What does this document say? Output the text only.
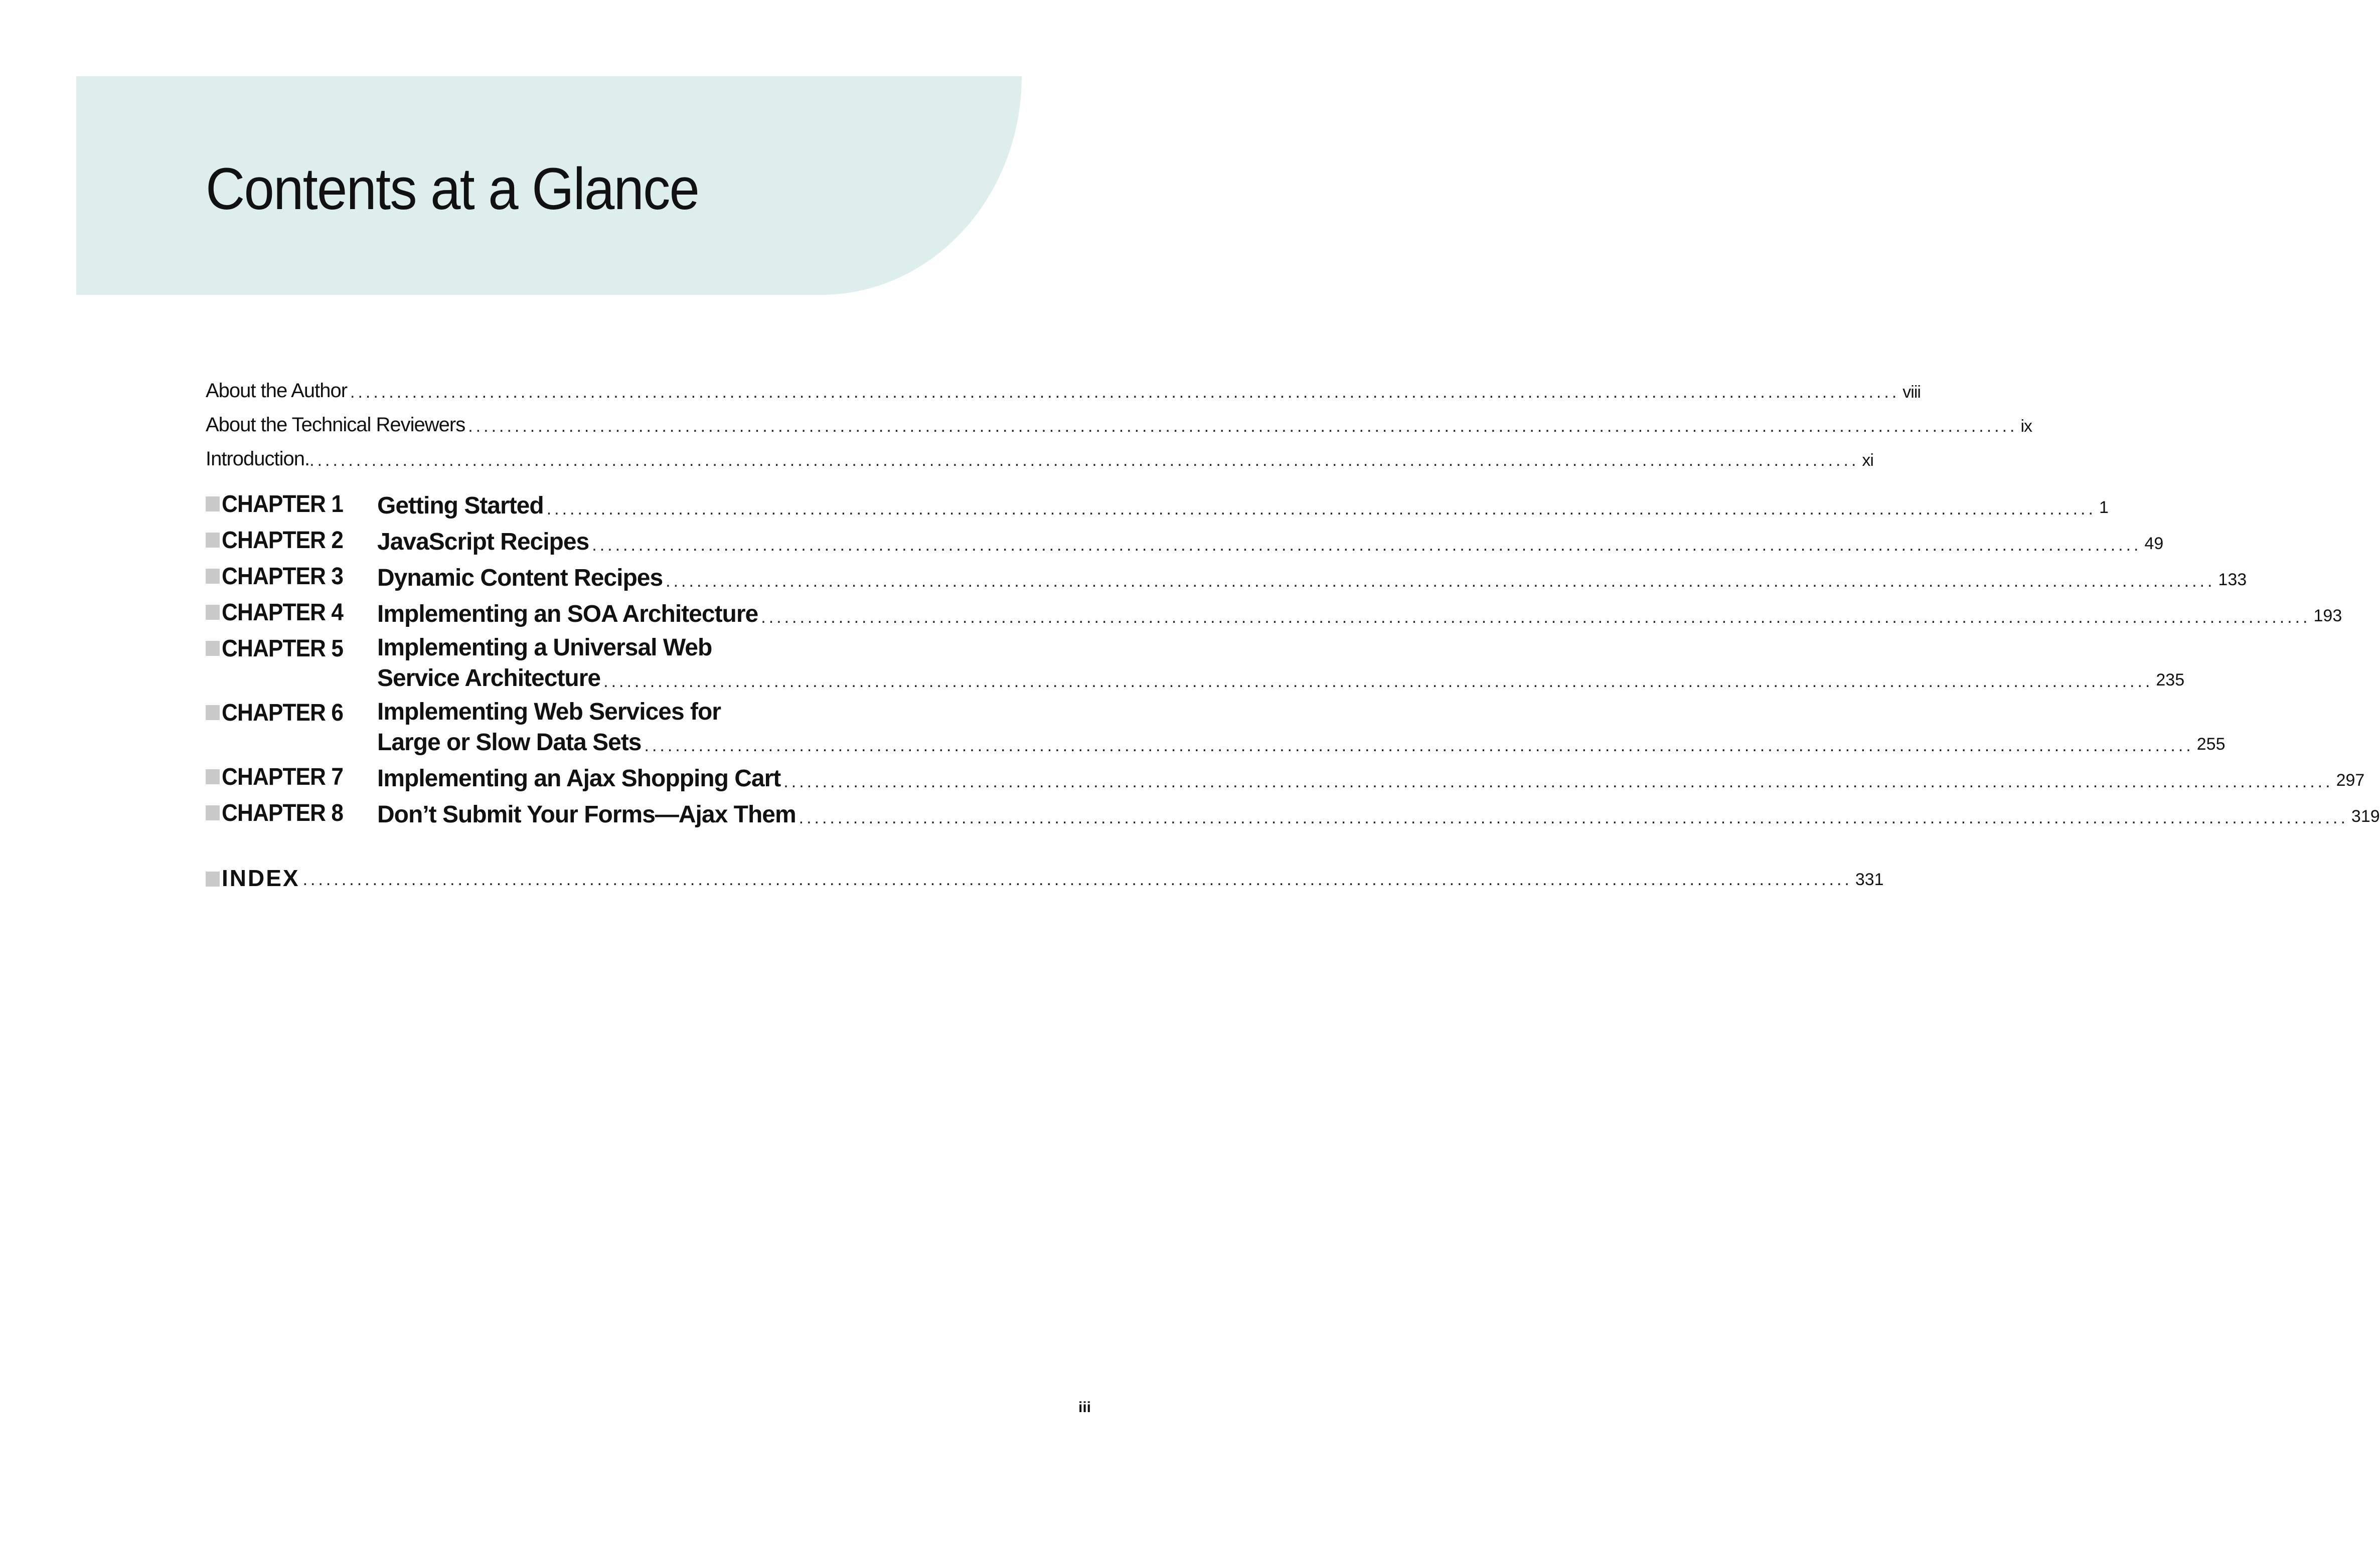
Contents at a Glance
About the Author ........................................................................................................................................................................................................ viii
About the Technical Reviewers ........................................................................................................................................................................................................ ix
Introduction. ........................................................................................................................................................................................................ xi
CHAPTER 1	Getting Started ........................................................................................................................................................................................................ 1
CHAPTER 2	JavaScript Recipes ........................................................................................................................................................................................................ 49
CHAPTER 3	Dynamic Content Recipes ........................................................................................................................................................................................................ 133
CHAPTER 4	Implementing an SOA Architecture ........................................................................................................................................................................................................ 193
CHAPTER 5	Implementing a Universal Web
Service Architecture ........................................................................................................................................................................................................ 235
CHAPTER 6	Implementing Web Services for
Large or Slow Data Sets ........................................................................................................................................................................................................ 255
CHAPTER 7	Implementing an Ajax Shopping Cart ........................................................................................................................................................................................................ 297
CHAPTER 8	Don’t Submit Your Forms—Ajax Them ........................................................................................................................................................................................................ 319
INDEX ........................................................................................................................................................................................................ 331
iii
